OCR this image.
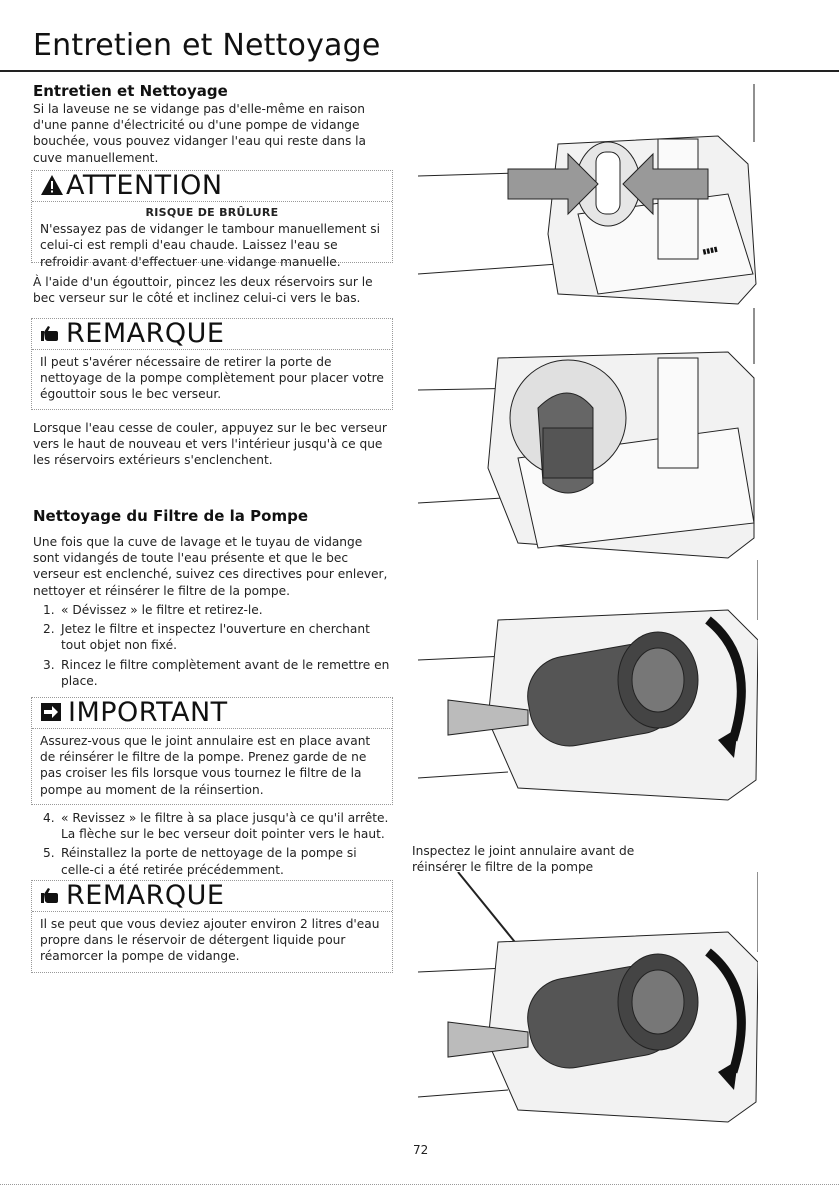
Entretien et Nettoyage
Entretien et Nettoyage
Si la laveuse ne se vidange pas d'elle-même en raison d'une panne d'électricité ou d'une pompe de vidange bouchée, vous pouvez vidanger l'eau qui reste dans la cuve manuellement.
ATTENTION
RISQUE DE BRÛLURE
N'essayez pas de vidanger le tambour manuellement si celui-ci est rempli d'eau chaude. Laissez l'eau se refroidir avant d'effectuer une vidange manuelle.
À l'aide d'un égouttoir, pincez les deux réservoirs sur le bec verseur sur le côté et inclinez celui-ci vers le bas.
REMARQUE
Il peut s'avérer nécessaire de retirer la porte de nettoyage de la pompe complètement pour placer votre égouttoir sous le bec verseur.
Lorsque l'eau cesse de couler, appuyez sur le bec verseur vers le haut de nouveau et vers l'intérieur jusqu'à ce que les réservoirs extérieurs s'enclenchent.
Nettoyage du Filtre de la Pompe
Une fois que la cuve de lavage et le tuyau de vidange sont vidangés de toute l'eau présente et que le bec verseur est enclenché, suivez ces directives pour enlever, nettoyer et réinsérer le filtre de la pompe.
1. « Dévissez » le filtre et retirez-le.
2. Jetez le filtre et inspectez l'ouverture en cherchant tout objet non fixé.
3. Rincez le filtre complètement avant de le remettre en place.
IMPORTANT
Assurez-vous que le joint annulaire est en place avant de réinsérer le filtre de la pompe. Prenez garde de ne pas croiser les fils lorsque vous tournez le filtre de la pompe au moment de la réinsertion.
4. « Revissez » le filtre à sa place jusqu'à ce qu'il arrête. La flèche sur le bec verseur doit pointer vers le haut.
5. Réinstallez la porte de nettoyage de la pompe si celle-ci a été retirée précédemment.
REMARQUE
Il se peut que vous deviez ajouter environ 2 litres d'eau propre dans le réservoir de détergent liquide pour réamorcer la pompe de vidange.
▮▮▮▮
Inspectez le joint annulaire avant de réinsérer le filtre de la pompe
72
